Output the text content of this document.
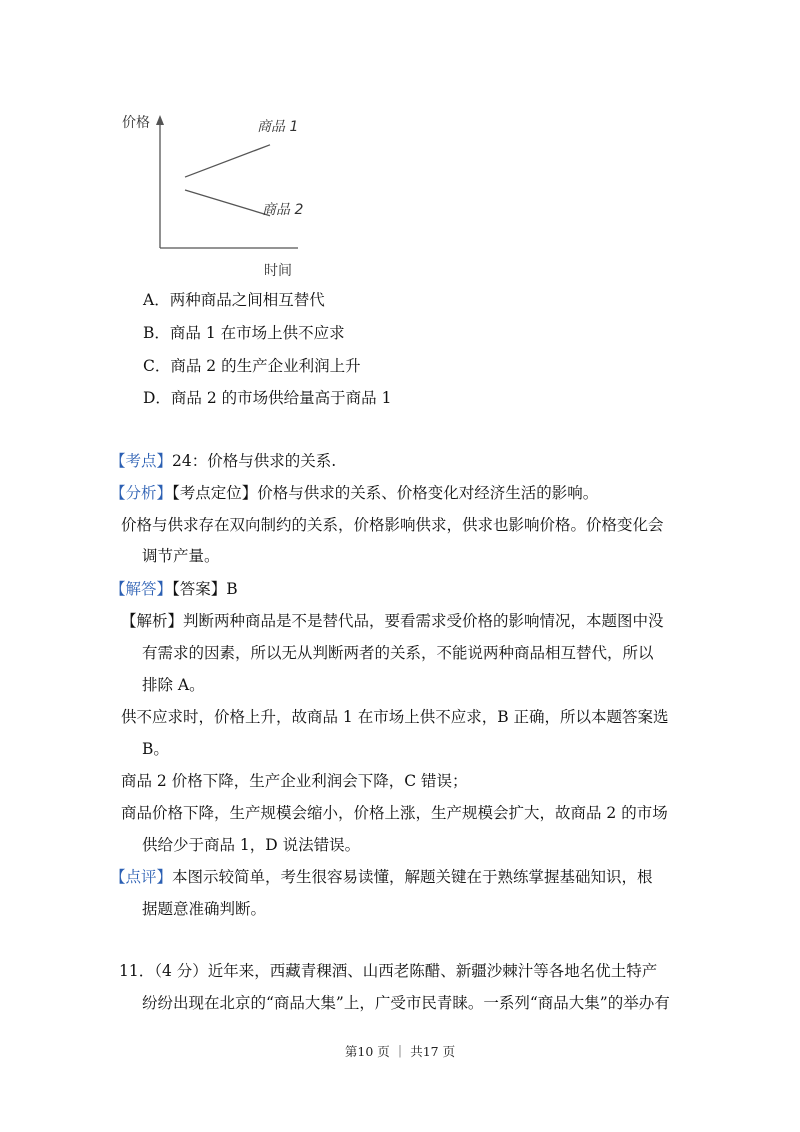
价格
时间
商品 1
商品 2
A．两种商品之间相互替代
B．商品 1 在市场上供不应求
C．商品 2 的生产企业利润上升
D．商品 2 的市场供给量高于商品 1
【考点】24：价格与供求的关系.
【分析】【考点定位】价格与供求的关系、价格变化对经济生活的影响。
价格与供求存在双向制约的关系，价格影响供求，供求也影响价格。价格变化会
调节产量。
【解答】【答案】B
【解析】判断两种商品是不是替代品，要看需求受价格的影响情况，本题图中没
有需求的因素，所以无从判断两者的关系，不能说两种商品相互替代，所以
排除 A。
供不应求时，价格上升，故商品 1 在市场上供不应求，B 正确，所以本题答案选
B。
商品 2 价格下降，生产企业利润会下降，C 错误；
商品价格下降，生产规模会缩小，价格上涨，生产规模会扩大，故商品 2 的市场
供给少于商品 1，D 说法错误。
【点评】本图示较简单，考生很容易读懂，解题关键在于熟练掌握基础知识，根
据题意准确判断。
11．（4 分）近年来，西藏青稞酒、山西老陈醋、新疆沙棘汁等各地名优土特产
纷纷出现在北京的“商品大集”上，广受市民青睐。一系列“商品大集”的举办有
第10 页 ｜ 共17 页
